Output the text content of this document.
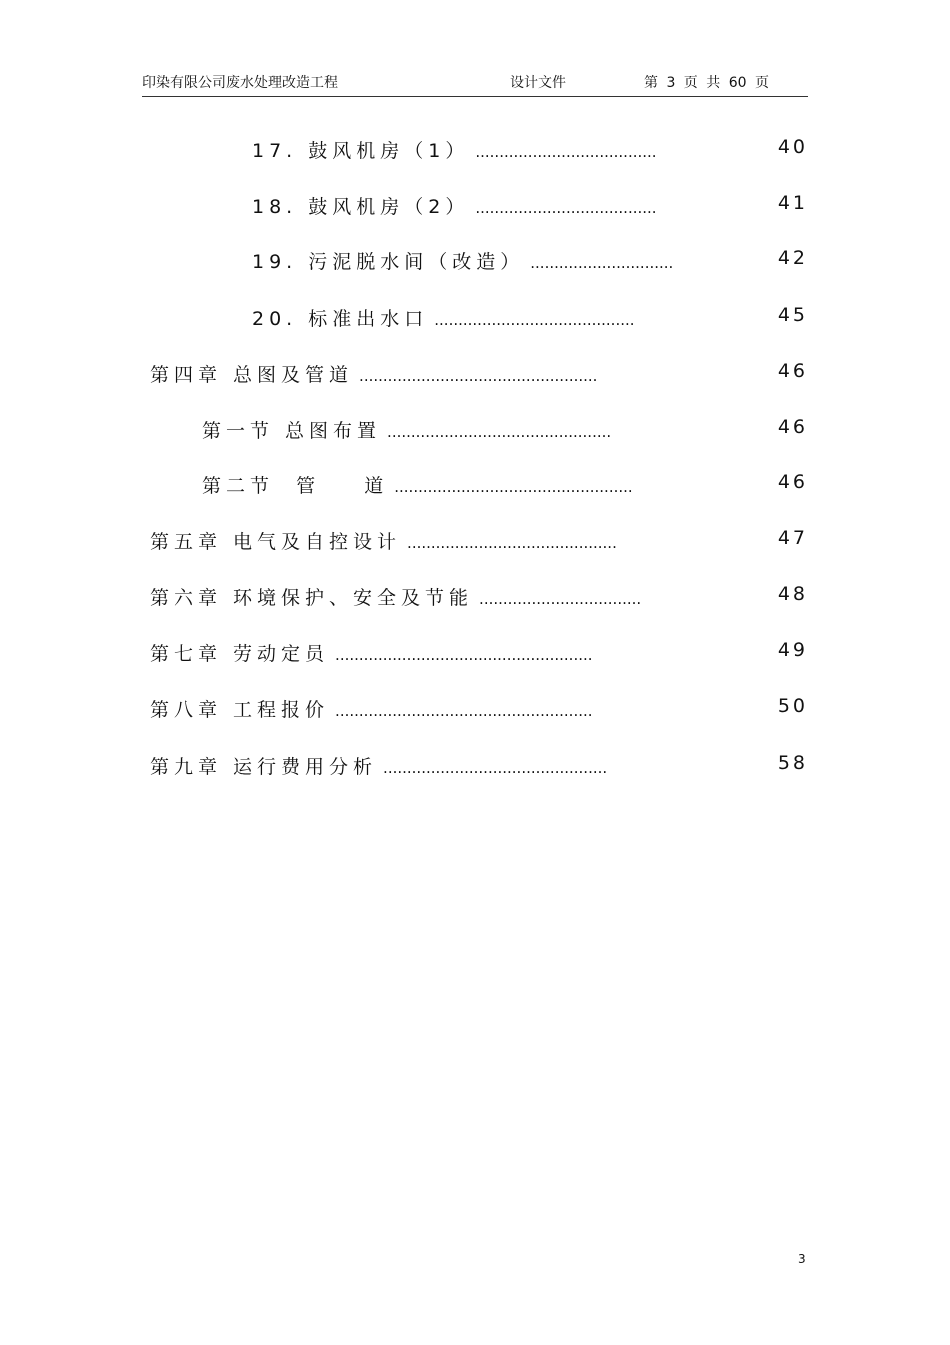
印染有限公司废水处理改造工程	设计文件	第 3 页 共 60 页
17. 鼓风机房（1） ......................................	40
18. 鼓风机房（2） ......................................	41
19. 污泥脱水间（改造） ..............................	42
20. 标准出水口 ..........................................	45
第四章 总图及管道 ..................................................	46
第一节 总图布置 ...............................................	46
第二节  管    道 ..................................................	46
第五章 电气及自控设计 ............................................	47
第六章 环境保护、安全及节能 ..................................	48
第七章 劳动定员 ......................................................	49
第八章 工程报价 ......................................................	50
第九章 运行费用分析 ...............................................	58
3
